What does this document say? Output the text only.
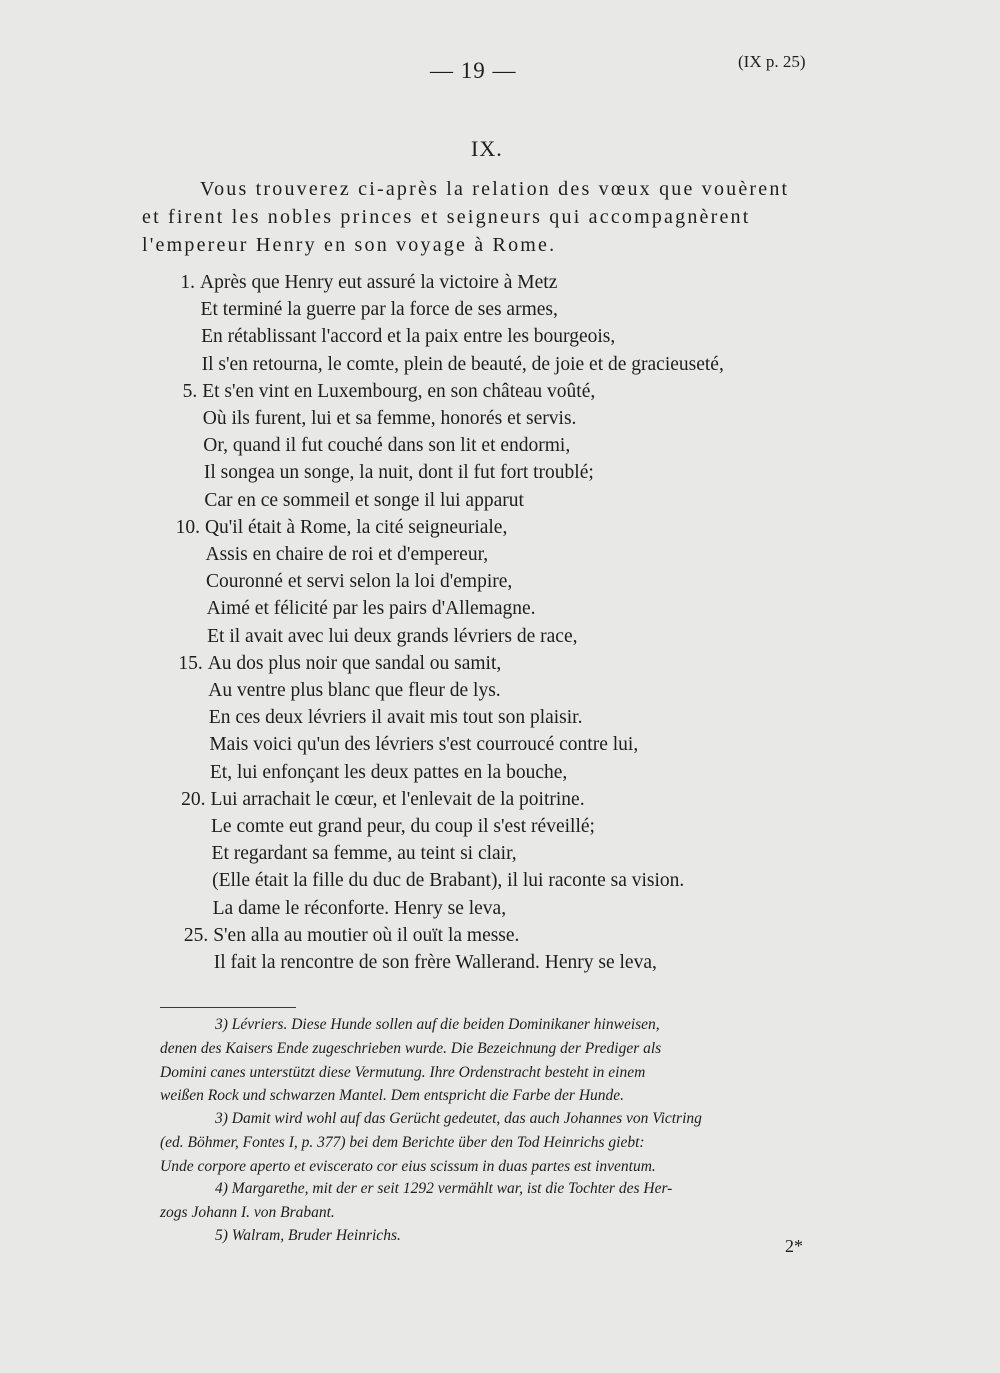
— 19 —	(IX p. 25)
IX.
Vous trouverez ci-après la relation des vœux que vouèrent
et firent les nobles princes et seigneurs qui accompagnèrent
l'empereur Henry en son voyage à Rome.
1. Après que Henry eut assuré la victoire à Metz
Et terminé la guerre par la force de ses armes,
En rétablissant l'accord et la paix entre les bourgeois,
Il s'en retourna, le comte, plein de beauté, de joie et de gracieuseté,
5. Et s'en vint en Luxembourg, en son château voûté,
Où ils furent, lui et sa femme, honorés et servis.
Or, quand il fut couché dans son lit et endormi,
Il songea un songe, la nuit, dont il fut fort troublé;
Car en ce sommeil et songe il lui apparut
10. Qu'il était à Rome, la cité seigneuriale,
Assis en chaire de roi et d'empereur,
Couronné et servi selon la loi d'empire,
Aimé et félicité par les pairs d'Allemagne.
Et il avait avec lui deux grands lévriers de race,
15. Au dos plus noir que sandal ou samit,
Au ventre plus blanc que fleur de lys.
En ces deux lévriers il avait mis tout son plaisir.
Mais voici qu'un des lévriers s'est courroucé contre lui,
Et, lui enfonçant les deux pattes en la bouche,
20. Lui arrachait le cœur, et l'enlevait de la poitrine.
Le comte eut grand peur, du coup il s'est réveillé;
Et regardant sa femme, au teint si clair,
(Elle était la fille du duc de Brabant), il lui raconte sa vision.
La dame le réconforte. Henry se leva,
25. S'en alla au moutier où il ouït la messe.
Il fait la rencontre de son frère Wallerand. Henry se leva,
3) Lévriers. Diese Hunde sollen auf die beiden Dominikaner hinweisen,
denen des Kaisers Ende zugeschrieben wurde. Die Bezeichnung der Prediger als
Domini canes unterstützt diese Vermutung. Ihre Ordenstracht besteht in einem
weißen Rock und schwarzen Mantel. Dem entspricht die Farbe der Hunde.
3) Damit wird wohl auf das Gerücht gedeutet, das auch Johannes von Victring
(ed. Böhmer, Fontes I, p. 377) bei dem Berichte über den Tod Heinrichs giebt:
Unde corpore aperto et eviscerato cor eius scissum in duas partes est inventum.
4) Margarethe, mit der er seit 1292 vermählt war, ist die Tochter des Her-
zogs Johann I. von Brabant.
5) Walram, Bruder Heinrichs.
2*
